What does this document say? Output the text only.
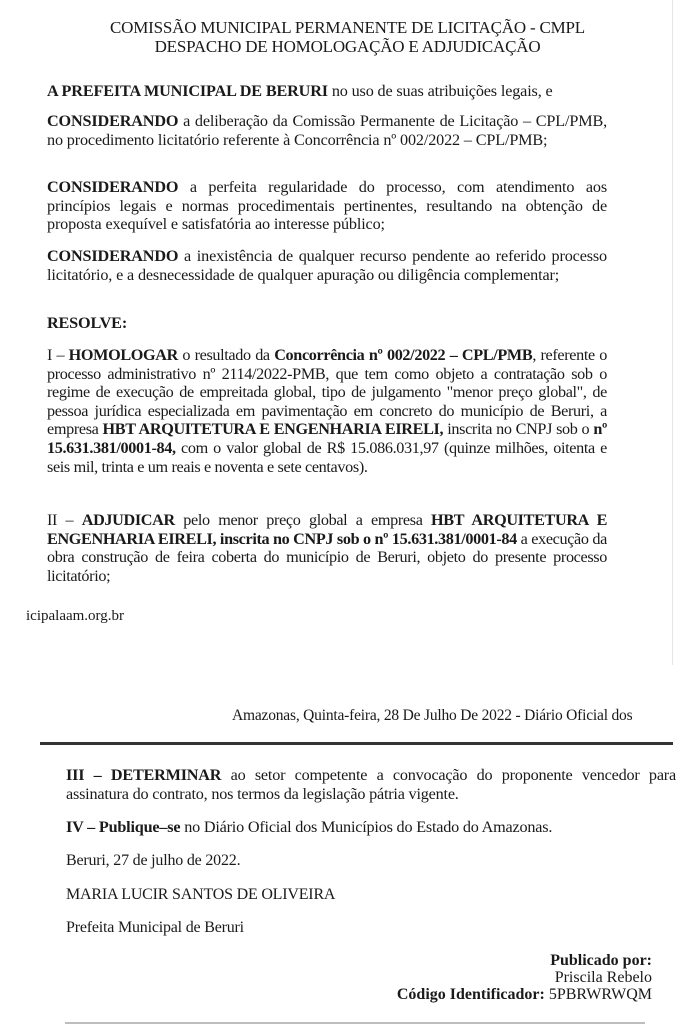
COMISSÃO MUNICIPAL PERMANENTE DE LICITAÇÃO - CMPL
DESPACHO DE HOMOLOGAÇÃO E ADJUDICAÇÃO
A PREFEITA MUNICIPAL DE BERURI no uso de suas atribuições legais, e
CONSIDERANDO a deliberação da Comissão Permanente de Licitação – CPL/PMB, no procedimento licitatório referente à Concorrência nº 002/2022 – CPL/PMB;
CONSIDERANDO a perfeita regularidade do processo, com atendimento aos princípios legais e normas procedimentais pertinentes, resultando na obtenção de proposta exequível e satisfatória ao interesse público;
CONSIDERANDO a inexistência de qualquer recurso pendente ao referido processo licitatório, e a desnecessidade de qualquer apuração ou diligência complementar;
RESOLVE:
I – HOMOLOGAR o resultado da Concorrência nº 002/2022 – CPL/PMB, referente o processo administrativo nº 2114/2022-PMB, que tem como objeto a contratação sob o regime de execução de empreitada global, tipo de julgamento "menor preço global", de pessoa jurídica especializada em pavimentação em concreto do município de Beruri, a empresa HBT ARQUITETURA E ENGENHARIA EIRELI, inscrita no CNPJ sob o nº 15.631.381/0001-84, com o valor global de R$ 15.086.031,97 (quinze milhões, oitenta e seis mil, trinta e um reais e noventa e sete centavos).
II – ADJUDICAR pelo menor preço global a empresa HBT ARQUITETURA E ENGENHARIA EIRELI, inscrita no CNPJ sob o nº 15.631.381/0001-84 a execução da obra construção de feira coberta do município de Beruri, objeto do presente processo licitatório;
icipalaam.org.br
Amazonas, Quinta-feira, 28 De Julho De 2022 - Diário Oficial dos
III – DETERMINAR ao setor competente a convocação do proponente vencedor para assinatura do contrato, nos termos da legislação pátria vigente.
IV – Publique–se no Diário Oficial dos Municípios do Estado do Amazonas.
Beruri, 27 de julho de 2022.
MARIA LUCIR SANTOS DE OLIVEIRA
Prefeita Municipal de Beruri
Publicado por:
Priscila Rebelo
Código Identificador: 5PBRWRWQM
